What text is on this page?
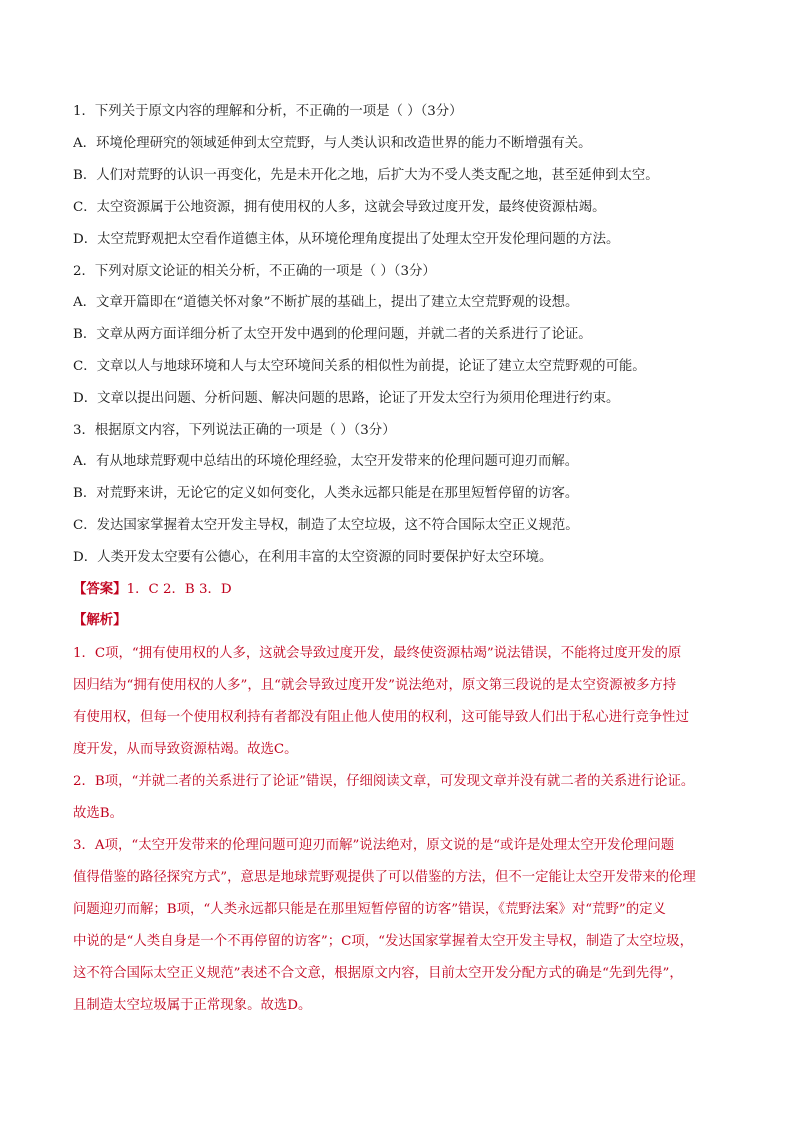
1．下列关于原文内容的理解和分析，不正确的一项是（ ）（3分）
A．环境伦理研究的领域延伸到太空荒野，与人类认识和改造世界的能力不断增强有关。
B．人们对荒野的认识一再变化，先是未开化之地，后扩大为不受人类支配之地，甚至延伸到太空。
C．太空资源属于公地资源，拥有使用权的人多，这就会导致过度开发，最终使资源枯竭。
D．太空荒野观把太空看作道德主体，从环境伦理角度提出了处理太空开发伦理问题的方法。
2．下列对原文论证的相关分析，不正确的一项是（ ）（3分）
A．文章开篇即在“道德关怀对象”不断扩展的基础上，提出了建立太空荒野观的设想。
B．文章从两方面详细分析了太空开发中遇到的伦理问题，并就二者的关系进行了论证。
C．文章以人与地球环境和人与太空环境间关系的相似性为前提，论证了建立太空荒野观的可能。
D．文章以提出问题、分析问题、解决问题的思路，论证了开发太空行为须用伦理进行约束。
3．根据原文内容，下列说法正确的一项是（ ）（3分）
A．有从地球荒野观中总结出的环境伦理经验，太空开发带来的伦理问题可迎刃而解。
B．对荒野来讲，无论它的定义如何变化，人类永远都只能是在那里短暂停留的访客。
C．发达国家掌握着太空开发主导权，制造了太空垃圾，这不符合国际太空正义规范。
D．人类开发太空要有公德心，在利用丰富的太空资源的同时要保护好太空环境。
【答案】1．C 2．B 3．D
【解析】
1．C项，“拥有使用权的人多，这就会导致过度开发，最终使资源枯竭”说法错误，不能将过度开发的原
因归结为“拥有使用权的人多”，且“就会导致过度开发”说法绝对，原文第三段说的是太空资源被多方持
有使用权，但每一个使用权利持有者都没有阻止他人使用的权利，这可能导致人们出于私心进行竞争性过
度开发，从而导致资源枯竭。故选C。
2．B项，“并就二者的关系进行了论证”错误，仔细阅读文章，可发现文章并没有就二者的关系进行论证。
故选B。
3．A项，“太空开发带来的伦理问题可迎刃而解”说法绝对，原文说的是“或许是处理太空开发伦理问题
值得借鉴的路径探究方式”，意思是地球荒野观提供了可以借鉴的方法，但不一定能让太空开发带来的伦理
问题迎刃而解；B项，“人类永远都只能是在那里短暂停留的访客”错误，《荒野法案》对“荒野”的定义
中说的是“人类自身是一个不再停留的访客”；C项，“发达国家掌握着太空开发主导权，制造了太空垃圾，
这不符合国际太空正义规范”表述不合文意，根据原文内容，目前太空开发分配方式的确是“先到先得”，
且制造太空垃圾属于正常现象。故选D。
